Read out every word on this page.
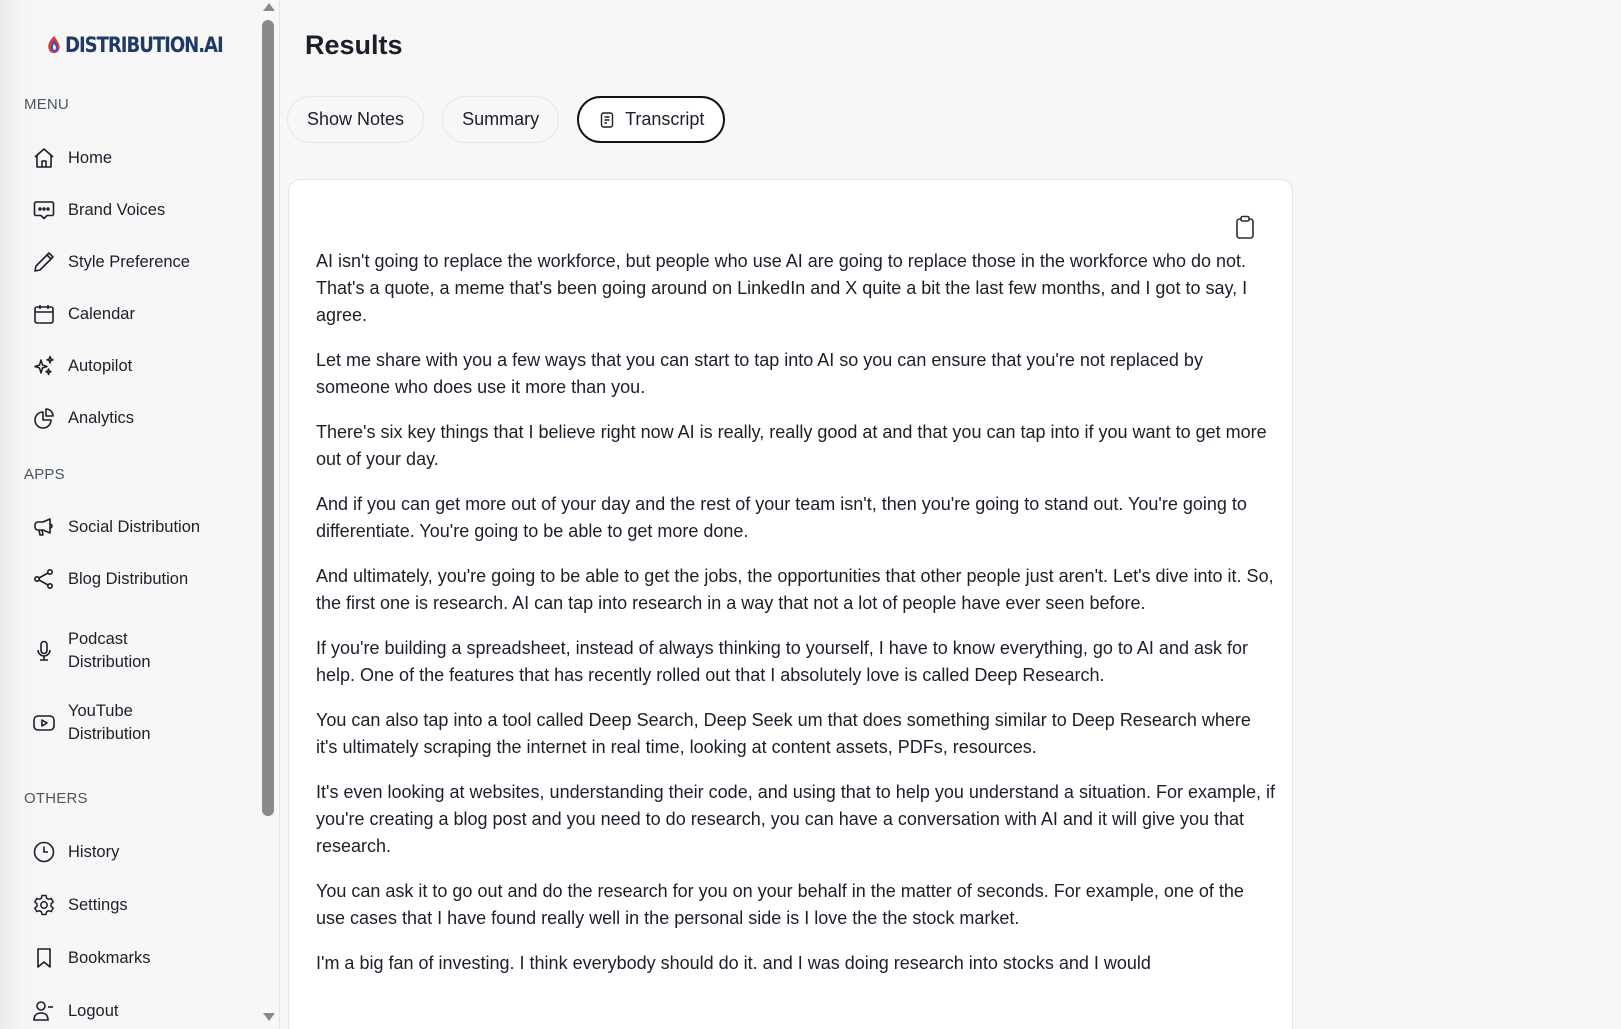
DISTRIBUTION.AI
MENU
Home
Brand Voices
Style Preference
Calendar
Autopilot
Analytics
APPS
Social Distribution
Blog Distribution
Podcast
Distribution
YouTube
Distribution
OTHERS
History
Settings
Bookmarks
Logout
Results
Show Notes	Summary	Transcript

AI isn't going to replace the workforce, but people who use AI are going to replace those in the workforce who do not. That's a quote, a meme that's been going around on LinkedIn and X quite a bit the last few months, and I got to say, I agree.

Let me share with you a few ways that you can start to tap into AI so you can ensure that you're not replaced by someone who does use it more than you.

There's six key things that I believe right now AI is really, really good at and that you can tap into if you want to get more out of your day.

And if you can get more out of your day and the rest of your team isn't, then you're going to stand out. You're going to differentiate. You're going to be able to get more done.

And ultimately, you're going to be able to get the jobs, the opportunities that other people just aren't. Let's dive into it. So, the first one is research. AI can tap into research in a way that not a lot of people have ever seen before.

If you're building a spreadsheet, instead of always thinking to yourself, I have to know everything, go to AI and ask for help. One of the features that has recently rolled out that I absolutely love is called Deep Research.

You can also tap into a tool called Deep Search, Deep Seek um that does something similar to Deep Research where it's ultimately scraping the internet in real time, looking at content assets, PDFs, resources.

It's even looking at websites, understanding their code, and using that to help you understand a situation. For example, if you're creating a blog post and you need to do research, you can have a conversation with AI and it will give you that research.

You can ask it to go out and do the research for you on your behalf in the matter of seconds. For example, one of the use cases that I have found really well in the personal side is I love the the stock market.

I'm a big fan of investing. I think everybody should do it. and I was doing research into stocks and I would
